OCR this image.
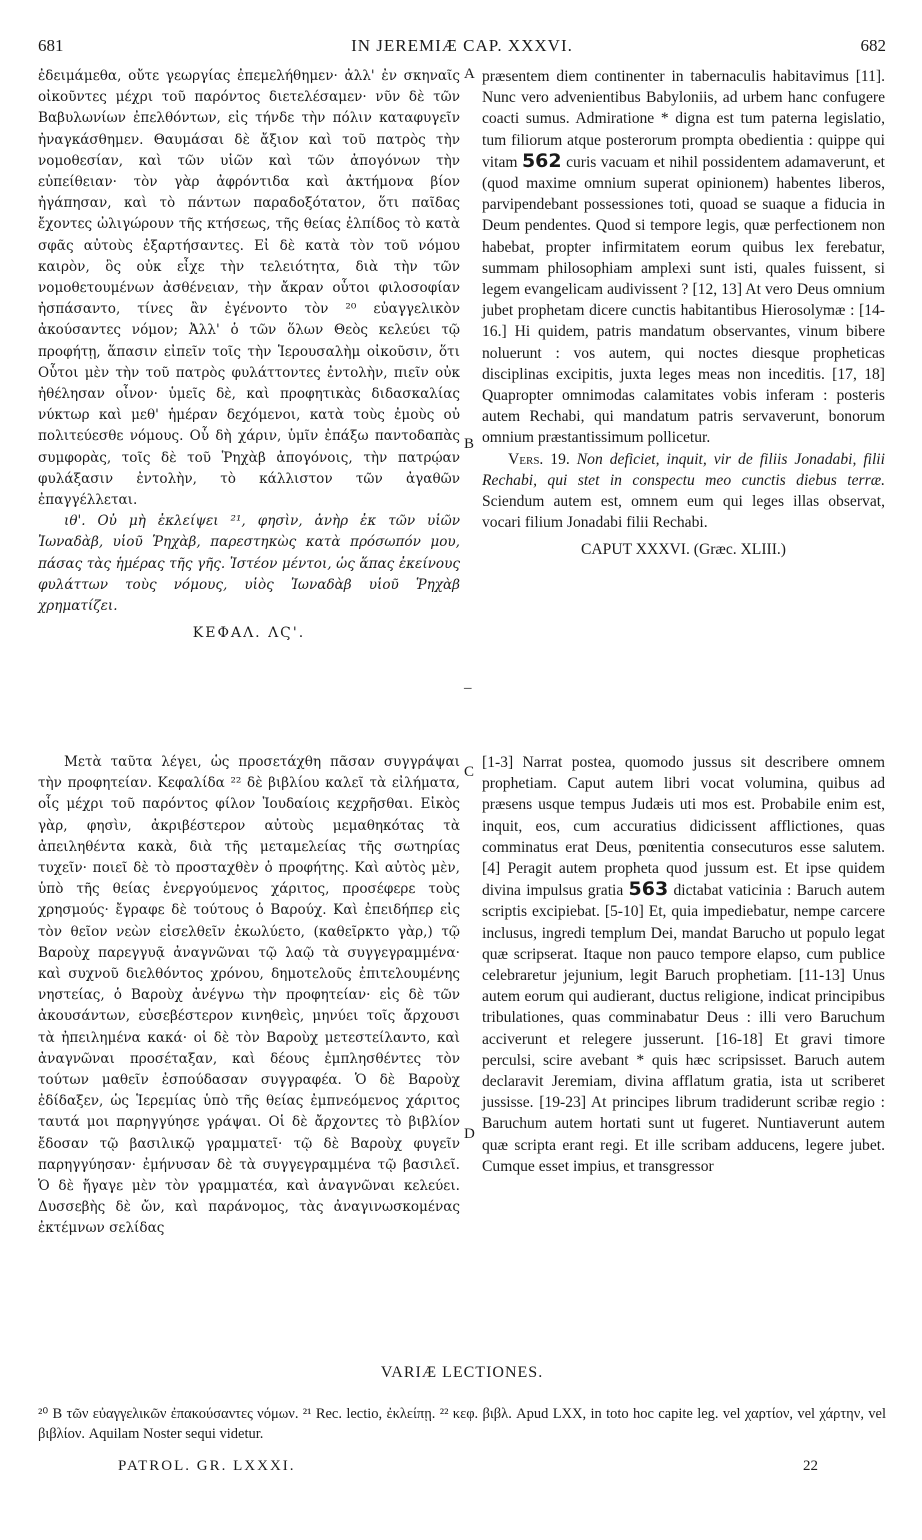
681	IN JEREMIÆ CAP. XXXVI.	682

ἐδειμάμεθα, οὔτε γεωργίας ἐπεμελήθημεν· ἀλλ' ἐν σκηναῖς οἰκοῦντες μέχρι τοῦ παρόντος διετελέσαμεν· νῦν δὲ τῶν Βαβυλωνίων ἐπελθόντων, εἰς τήνδε τὴν πόλιν καταφυγεῖν ἠναγκάσθημεν. Θαυμάσαι δὲ ἄξιον καὶ τοῦ πατρὸς τὴν νομοθεσίαν, καὶ τῶν υἱῶν καὶ τῶν ἀπογόνων τὴν εὐπείθειαν· τὸν γὰρ ἀφρόντιδα καὶ ἀκτήμονα βίον ἠγάπησαν, καὶ τὸ πάντων παραδοξότατον, ὅτι παῖδας ἔχοντες ὠλιγώρουν τῆς κτήσεως, τῆς θείας ἐλπίδος τὸ κατὰ σφᾶς αὐτοὺς ἐξαρτήσαντες. Εἰ δὲ κατὰ τὸν τοῦ νόμου καιρὸν, ὃς οὐκ εἶχε τὴν τελειότητα, διὰ τὴν τῶν νομοθετουμένων ἀσθένειαν, τὴν ἄκραν οὗτοι φιλοσοφίαν ἠσπάσαντο, τίνες ἂν ἐγένοντο τὸν ²⁰ εὐαγγελικὸν ἀκούσαντες νόμον; Ἀλλ' ὁ τῶν ὅλων Θεὸς κελεύει τῷ προφήτῃ, ἅπασιν εἰπεῖν τοῖς τὴν Ἱερουσαλὴμ οἰκοῦσιν, ὅτι Οὗτοι μὲν τὴν τοῦ πατρὸς φυλάττοντες ἐντολὴν, πιεῖν οὐκ ἠθέλησαν οἶνον· ὑμεῖς δὲ, καὶ προφητικὰς διδασκαλίας νύκτωρ καὶ μεθ' ἡμέραν δεχόμενοι, κατὰ τοὺς ἐμοὺς οὐ πολιτεύεσθε νόμους. Οὗ δὴ χάριν, ὑμῖν ἐπάξω παντοδαπὰς συμφορὰς, τοῖς δὲ τοῦ Ῥηχὰβ ἀπογόνοις, τὴν πατρῴαν φυλάξασιν ἐντολὴν, τὸ κάλλιστον τῶν ἀγαθῶν ἐπαγγέλλεται.

ιθ'. Οὐ μὴ ἐκλείψει ²¹, φησὶν, ἀνὴρ ἐκ τῶν υἱῶν Ἰωναδὰβ, υἱοῦ Ῥηχὰβ, παρεστηκὼς κατὰ πρόσωπόν μου, πάσας τὰς ἡμέρας τῆς γῆς. Ἰστέον μέντοι, ὡς ἅπας ἐκείνους φυλάττων τοὺς νόμους, υἱὸς Ἰωναδὰβ υἱοῦ Ῥηχὰβ χρηματίζει.

ΚΕΦΑΛ. ΛϚ'.

Μετὰ ταῦτα λέγει, ὡς προσετάχθη πᾶσαν συγγράψαι τὴν προφητείαν. Κεφαλίδα ²² δὲ βιβλίου καλεῖ τὰ εἰλήματα, οἷς μέχρι τοῦ παρόντος φίλον Ἰουδαίοις κεχρῆσθαι. Εἰκὸς γὰρ, φησὶν, ἀκριβέστερον αὐτοὺς μεμαθηκότας τὰ ἀπειληθέντα κακὰ, διὰ τῆς μεταμελείας τῆς σωτηρίας τυχεῖν· ποιεῖ δὲ τὸ προσταχθὲν ὁ προφήτης. Καὶ αὐτὸς μὲν, ὑπὸ τῆς θείας ἐνεργούμενος χάριτος, προσέφερε τοὺς χρησμούς· ἔγραφε δὲ τούτους ὁ Βαρούχ. Καὶ ἐπειδήπερ εἰς τὸν θεῖον νεὼν εἰσελθεῖν ἐκωλύετο, (καθεῖρκτο γὰρ,) τῷ Βαροὺχ παρεγγυᾷ ἀναγνῶναι τῷ λαῷ τὰ συγγεγραμμένα· καὶ συχνοῦ διελθόντος χρόνου, δημοτελοῦς ἐπιτελουμένης νηστείας, ὁ Βαροὺχ ἀνέγνω τὴν προφητείαν· εἰς δὲ τῶν ἀκουσάντων, εὐσεβέστερον κινηθεὶς, μηνύει τοῖς ἄρχουσι τὰ ἠπειλημένα κακά· οἱ δὲ τὸν Βαροὺχ μετεστείλαντο, καὶ ἀναγνῶναι προσέταξαν, καὶ δέους ἐμπλησθέντες τὸν τούτων μαθεῖν ἐσπούδασαν συγγραφέα. Ὁ δὲ Βαροὺχ ἐδίδαξεν, ὡς Ἱερεμίας ὑπὸ τῆς θείας ἐμπνεόμενος χάριτος ταυτά μοι παρηγγύησε γράψαι. Οἱ δὲ ἄρχοντες τὸ βιβλίον ἔδοσαν τῷ βασιλικῷ γραμματεῖ· τῷ δὲ Βαροὺχ φυγεῖν παρηγγύησαν· ἐμήνυσαν δὲ τὰ συγγεγραμμένα τῷ βασιλεῖ. Ὁ δὲ ἤγαγε μὲν τὸν γραμματέα, καὶ ἀναγνῶναι κελεύει. Δυσσεβὴς δὲ ὤν, καὶ παράνομος, τὰς ἀναγινωσκομένας ἐκτέμνων σελίδας

præsentem diem continenter in tabernaculis habitavimus [11]. Nunc vero advenientibus Babyloniis, ad urbem hanc confugere coacti sumus. Admiratione * digna est tum paterna legislatio, tum filiorum atque posterorum prompta obedientia : quippe qui vitam 562 curis vacuam et nihil possidentem adamaverunt, et (quod maxime omnium superat opinionem) habentes liberos, parvipendebant possessiones toti, quoad se suaque a fiducia in Deum pendentes. Quod si tempore legis, quæ perfectionem non habebat, propter infirmitatem eorum quibus lex ferebatur, summam philosophiam amplexi sunt isti, quales fuissent, si legem evangelicam audivissent ? [12, 13] At vero Deus omnium jubet prophetam dicere cunctis habitantibus Hierosolymæ : [14-16.] Hi quidem, patris mandatum observantes, vinum bibere noluerunt : vos autem, qui noctes diesque propheticas disciplinas excipitis, juxta leges meas non inceditis. [17, 18] Quapropter omnimodas calamitates vobis inferam : posteris autem Rechabi, qui mandatum patris servaverunt, bonorum omnium præstantissimum pollicetur.

Vers. 19. Non deficiet, inquit, vir de filiis Jonadabi, filii Rechabi, qui stet in conspectu meo cunctis diebus terræ. Sciendum autem est, omnem eum qui leges illas observat, vocari filium Jonadabi filii Rechabi.

CAPUT XXXVI. (Græc. XLIII.)

[1-3] Narrat postea, quomodo jussus sit describere omnem prophetiam. Caput autem libri vocat volumina, quibus ad præsens usque tempus Judæis uti mos est. Probabile enim est, inquit, eos, cum accuratius didicissent afflictiones, quas comminatus erat Deus, pœnitentia consecuturos esse salutem. [4] Peragit autem propheta quod jussum est. Et ipse quidem divina impulsus gratia 563 dictabat vaticinia : Baruch autem scriptis excipiebat. [5-10] Et, quia impediebatur, nempe carcere inclusus, ingredi templum Dei, mandat Barucho ut populo legat quæ scripserat. Itaque non pauco tempore elapso, cum publice celebraretur jejunium, legit Baruch prophetiam. [11-13] Unus autem eorum qui audierant, ductus religione, indicat principibus tribulationes, quas comminabatur Deus : illi vero Baruchum acciverunt et relegere jusserunt. [16-18] Et gravi timore perculsi, scire avebant * quis hæc scripsisset. Baruch autem declaravit Jeremiam, divina afflatum gratia, ista ut scriberet jussisse. [19-23] At principes librum tradiderunt scribæ regio : Baruchum autem hortati sunt ut fugeret. Nuntiaverunt autem quæ scripta erant regi. Et ille scribam adducens, legere jubet. Cumque esset impius, et transgressor

A
B
–
C
D
VARIÆ LECTIONES.
²⁰ B τῶν εὐαγγελικῶν ἐπακούσαντες νόμων. ²¹ Rec. lectio, ἐκλείπῃ. ²² κεφ. βιβλ. Apud LXX, in toto hoc capite leg. vel χαρτίον, vel χάρτην, vel βιβλίον. Aquilam Noster sequi videtur.
PATROL. GR. LXXXI.	22
